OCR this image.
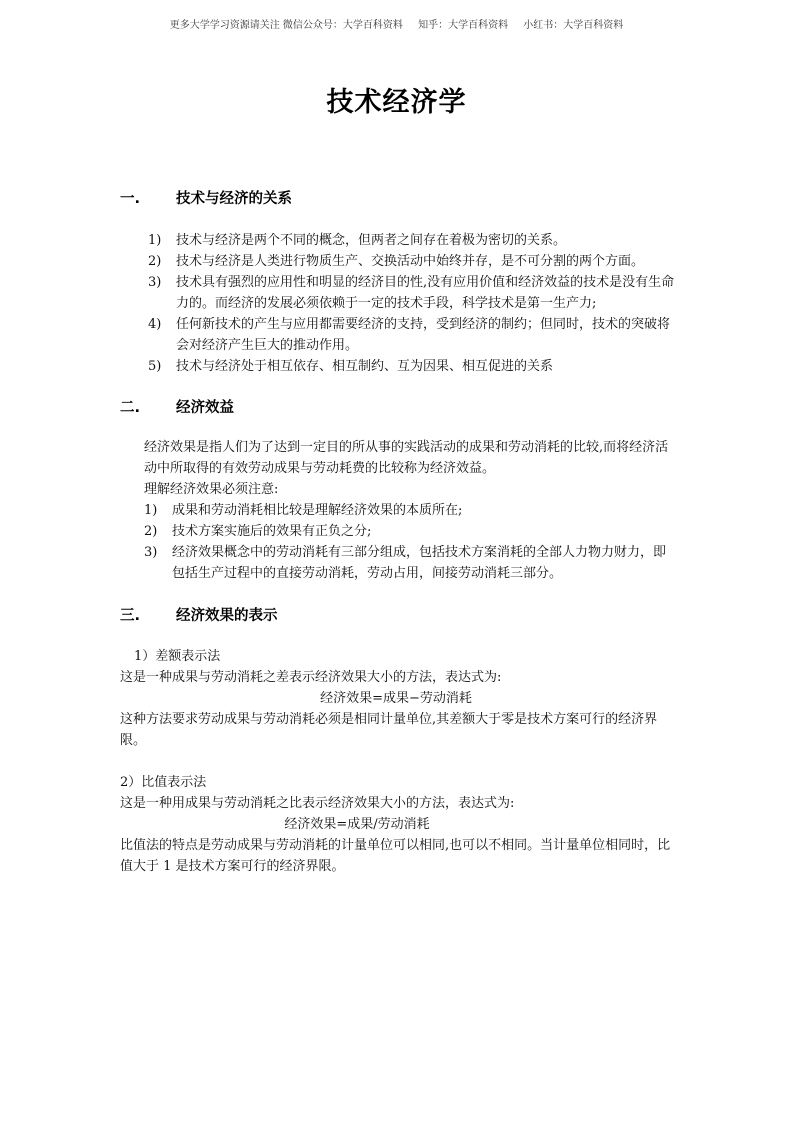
更多大学学习资源请关注 微信公众号：大学百科资料 知乎：大学百科资料 小红书：大学百科资料
技术经济学
一. 技术与经济的关系
1) 技术与经济是两个不同的概念，但两者之间存在着极为密切的关系。
2) 技术与经济是人类进行物质生产、交换活动中始终并存，是不可分割的两个方面。
3) 技术具有强烈的应用性和明显的经济目的性,没有应用价值和经济效益的技术是没有生命力的。而经济的发展必须依赖于一定的技术手段，科学技术是第一生产力;
4) 任何新技术的产生与应用都需要经济的支持，受到经济的制约；但同时，技术的突破将会对经济产生巨大的推动作用。
5) 技术与经济处于相互依存、相互制约、互为因果、相互促进的关系
二. 经济效益
经济效果是指人们为了达到一定目的所从事的实践活动的成果和劳动消耗的比较,而将经济活动中所取得的有效劳动成果与劳动耗费的比较称为经济效益。
理解经济效果必须注意:
1) 成果和劳动消耗相比较是理解经济效果的本质所在;
2) 技术方案实施后的效果有正负之分;
3) 经济效果概念中的劳动消耗有三部分组成，包括技术方案消耗的全部人力物力财力，即包括生产过程中的直接劳动消耗，劳动占用，间接劳动消耗三部分。
三. 经济效果的表示
1）差额表示法
这是一种成果与劳动消耗之差表示经济效果大小的方法，表达式为:
经济效果=成果−劳动消耗
这种方法要求劳动成果与劳动消耗必须是相同计量单位,其差额大于零是技术方案可行的经济界限。
2）比值表示法
这是一种用成果与劳动消耗之比表示经济效果大小的方法，表达式为:
经济效果=成果/劳动消耗
比值法的特点是劳动成果与劳动消耗的计量单位可以相同,也可以不相同。当计量单位相同时，比值大于 1 是技术方案可行的经济界限。
